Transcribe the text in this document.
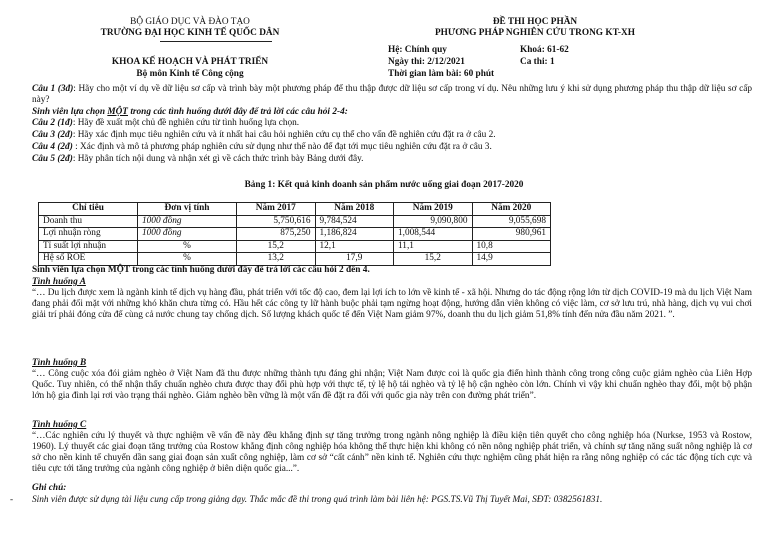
BỘ GIÁO DỤC VÀ ĐÀO TẠO
TRƯỜNG ĐẠI HỌC KINH TẾ QUỐC DÂN
KHOA KẾ HOẠCH VÀ PHÁT TRIỂN
Bộ môn Kinh tế Công cộng
ĐỀ THI HỌC PHẦN
PHƯƠNG PHÁP NGHIÊN CỨU TRONG KT-XH
Hệ: Chính quy	Khoá: 61-62
Ngày thi: 2/12/2021	Ca thi: 1
Thời gian làm bài: 60 phút
Câu 1 (3đ): Hãy cho một ví dụ về dữ liệu sơ cấp và trình bày một phương pháp để thu thập được dữ liệu sơ cấp trong ví dụ. Nêu những lưu ý khi sử dụng phương pháp thu thập dữ liệu sơ cấp này?
Sinh viên lựa chọn MỘT trong các tình huống dưới đây để trả lời các câu hỏi 2-4:
Câu 2 (1đ): Hãy đề xuất một chủ đề nghiên cứu từ tình huống lựa chọn.
Câu 3 (2đ): Hãy xác định mục tiêu nghiên cứu và ít nhất hai câu hỏi nghiên cứu cụ thể cho vấn đề nghiên cứu đặt ra ở câu 2.
Câu 4 (2đ) : Xác định và mô tả phương pháp nghiên cứu sử dụng như thế nào để đạt tới mục tiêu nghiên cứu đặt ra ở câu 3.
Câu 5 (2đ): Hãy phân tích nội dung và nhận xét gì về cách thức trình bày Bảng dưới đây.
Bảng 1: Kết quả kinh doanh sản phẩm nước uống giai đoạn 2017-2020
Chỉ tiêu	Đơn vị tính	Năm 2017	Năm 2018	Năm 2019	Năm 2020
Doanh thu	1000 đồng	5,750,616	9,784,524	9,090,800	9,055,698
Lợi nhuận ròng	1000 đồng	875,250	1,186,824	1,008,544	980,961
Tỉ suất lợi nhuận	%	15,2	12,1	11,1	10,8
Hệ số ROE	%	13,2	17,9	15,2	14,9
Sinh viên lựa chọn MỘT trong các tình huống dưới đây để trả lời các câu hỏi 2 đến 4.
Tình huống A
“… Du lịch được xem là ngành kinh tế dịch vụ hàng đầu, phát triển với tốc độ cao, đem lại lợi ích to lớn về kinh tế - xã hội. Nhưng do tác động rộng lớn từ dịch COVID-19 mà du lịch Việt Nam đang phải đối mặt với những khó khăn chưa từng có. Hầu hết các công ty lữ hành buộc phải tạm ngừng hoạt động, hướng dẫn viên không có việc làm, cơ sở lưu trú, nhà hàng, dịch vụ vui chơi giải trí phải đóng cửa để cùng cả nước chung tay chống dịch. Số lượng khách quốc tế đến Việt Nam giảm 97%, doanh thu du lịch giảm 51,8% tính đến nửa đầu năm 2021. ”.
Tình huống B
“… Công cuộc xóa đói giảm nghèo ở Việt Nam đã thu được những thành tựu đáng ghi nhận; Việt Nam được coi là quốc gia điển hình thành công trong công cuộc giảm nghèo của Liên Hợp Quốc. Tuy nhiên, có thể nhận thấy chuẩn nghèo chưa được thay đổi phù hợp với thực tế, tỷ lệ hộ tái nghèo và tỷ lệ hộ cận nghèo còn lớn. Chính vì vậy khi chuẩn nghèo thay đổi, một bộ phận lớn hộ gia đình lại rơi vào trạng thái nghèo. Giảm nghèo bền vững là một vấn đề đặt ra đối với quốc gia này trên con đường phát triển”.
Tình huống C
“…Các nghiên cứu lý thuyết và thực nghiệm về vấn đề này đều khẳng định sự tăng trưởng trong ngành nông nghiệp là điều kiện tiên quyết cho công nghiệp hóa (Nurkse, 1953 và Rostow, 1960). Lý thuyết các giai đoạn tăng trưởng của Rostow khẳng định công nghiệp hóa không thể thực hiện khi không có nền nông nghiệp phát triển, và chính sự tăng năng suất nông nghiệp là cơ sở cho nền kinh tế chuyển dần sang giai đoạn sản xuất công nghiệp, làm cơ sở “cất cánh” nền kinh tế. Nghiên cứu thực nghiệm cũng phát hiện ra rằng nông nghiệp có các tác động tích cực và tiêu cực tới tăng trưởng của ngành công nghiệp ở biên diện quốc gia...”.
Ghi chú:
- Sinh viên được sử dụng tài liệu cung cấp trong giảng dạy. Thắc mắc đề thi trong quá trình làm bài liên hệ: PGS.TS.Vũ Thị Tuyết Mai, SĐT: 0382561831.
